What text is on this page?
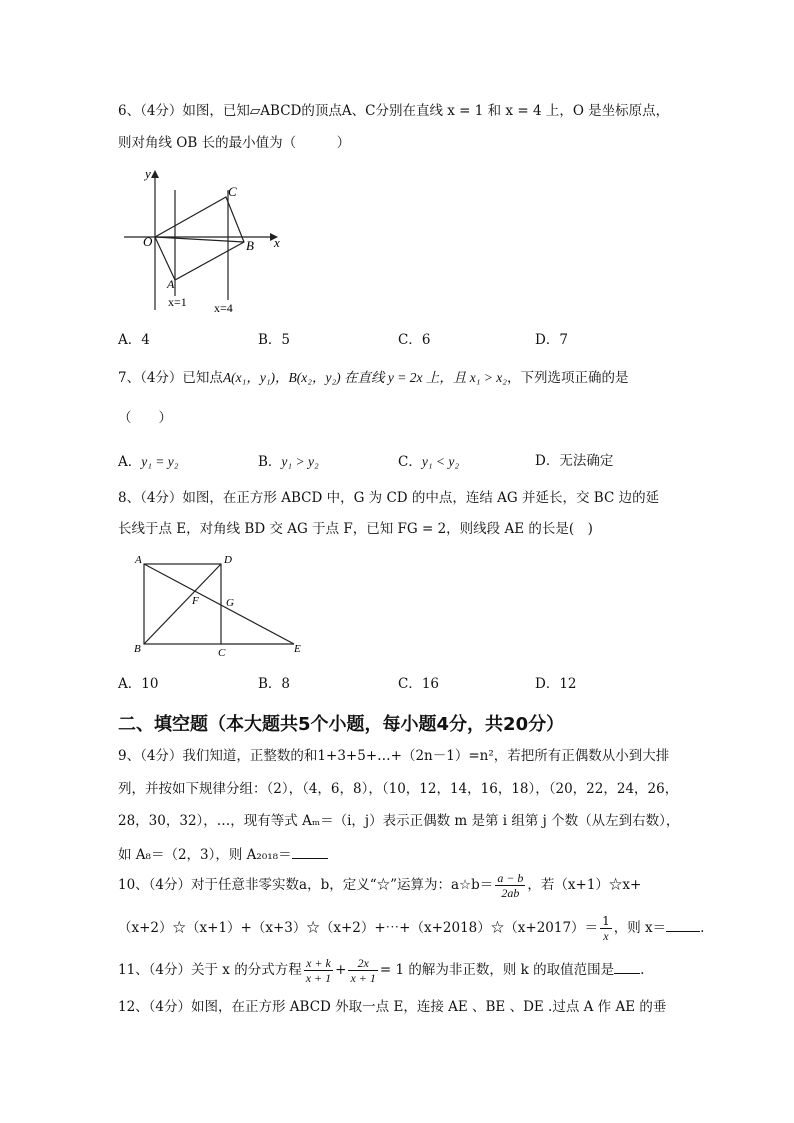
6、（4分）如图，已知▱ABCD的顶点A、C分别在直线 x = 1 和 x = 4 上，O 是坐标原点，
则对角线 OB 长的最小值为（　　　）
y
x
O
A
B
C
x=1 x=4
A．4	B．5	C．6	D．7
7、（4分）已知点A(x₁，y₁)，B(x₂，y₂) 在直线 y = 2x 上，且 x₁ > x₂，下列选项正确的是
（　　）
A．y₁ = y₂	B．y₁ > y₂	C．y₁ < y₂	D．无法确定
8、（4分）如图，在正方形 ABCD 中，G 为 CD 的中点，连结 AG 并延长，交 BC 边的延
长线于点 E，对角线 BD 交 AG 于点 F，已知 FG = 2，则线段 AE 的长是(　)
A	D
B	C	E
F G
A．10	B．8	C．16	D．12
二、填空题（本大题共5个小题，每小题4分，共20分）
9、（4分）我们知道，正整数的和1+3+5+…+（2n－1）=n²，若把所有正偶数从小到大排
列，并按如下规律分组：（2），（4，6，8），（10，12，14，16，18），（20，22，24，26，
28，30，32），…，现有等式 Aₘ＝（i，j）表示正偶数 m 是第 i 组第 j 个数（从左到右数），
如 A₈＝（2，3），则 A₂₀₁₈＝
10、（4分）对于任意非零实数a，b，定义“☆”运算为：a☆b＝ $\frac{a - b}{2ab}$ ，若（x+1）☆x+
（x+2）☆（x+1）+（x+3）☆（x+2）+⋯+（x+2018）☆（x+2017）＝ $\frac{1}{x}$ ，则 x＝	.
11、（4分）关于 x 的分式方程 $\frac{x + k}{x + 1} + \frac{2x}{x + 1} = 1$ 的解为非正数，则 k 的取值范围是 .
12、（4分）如图，在正方形 ABCD 外取一点 E，连接 AE 、BE 、DE .过点 A 作 AE 的垂
